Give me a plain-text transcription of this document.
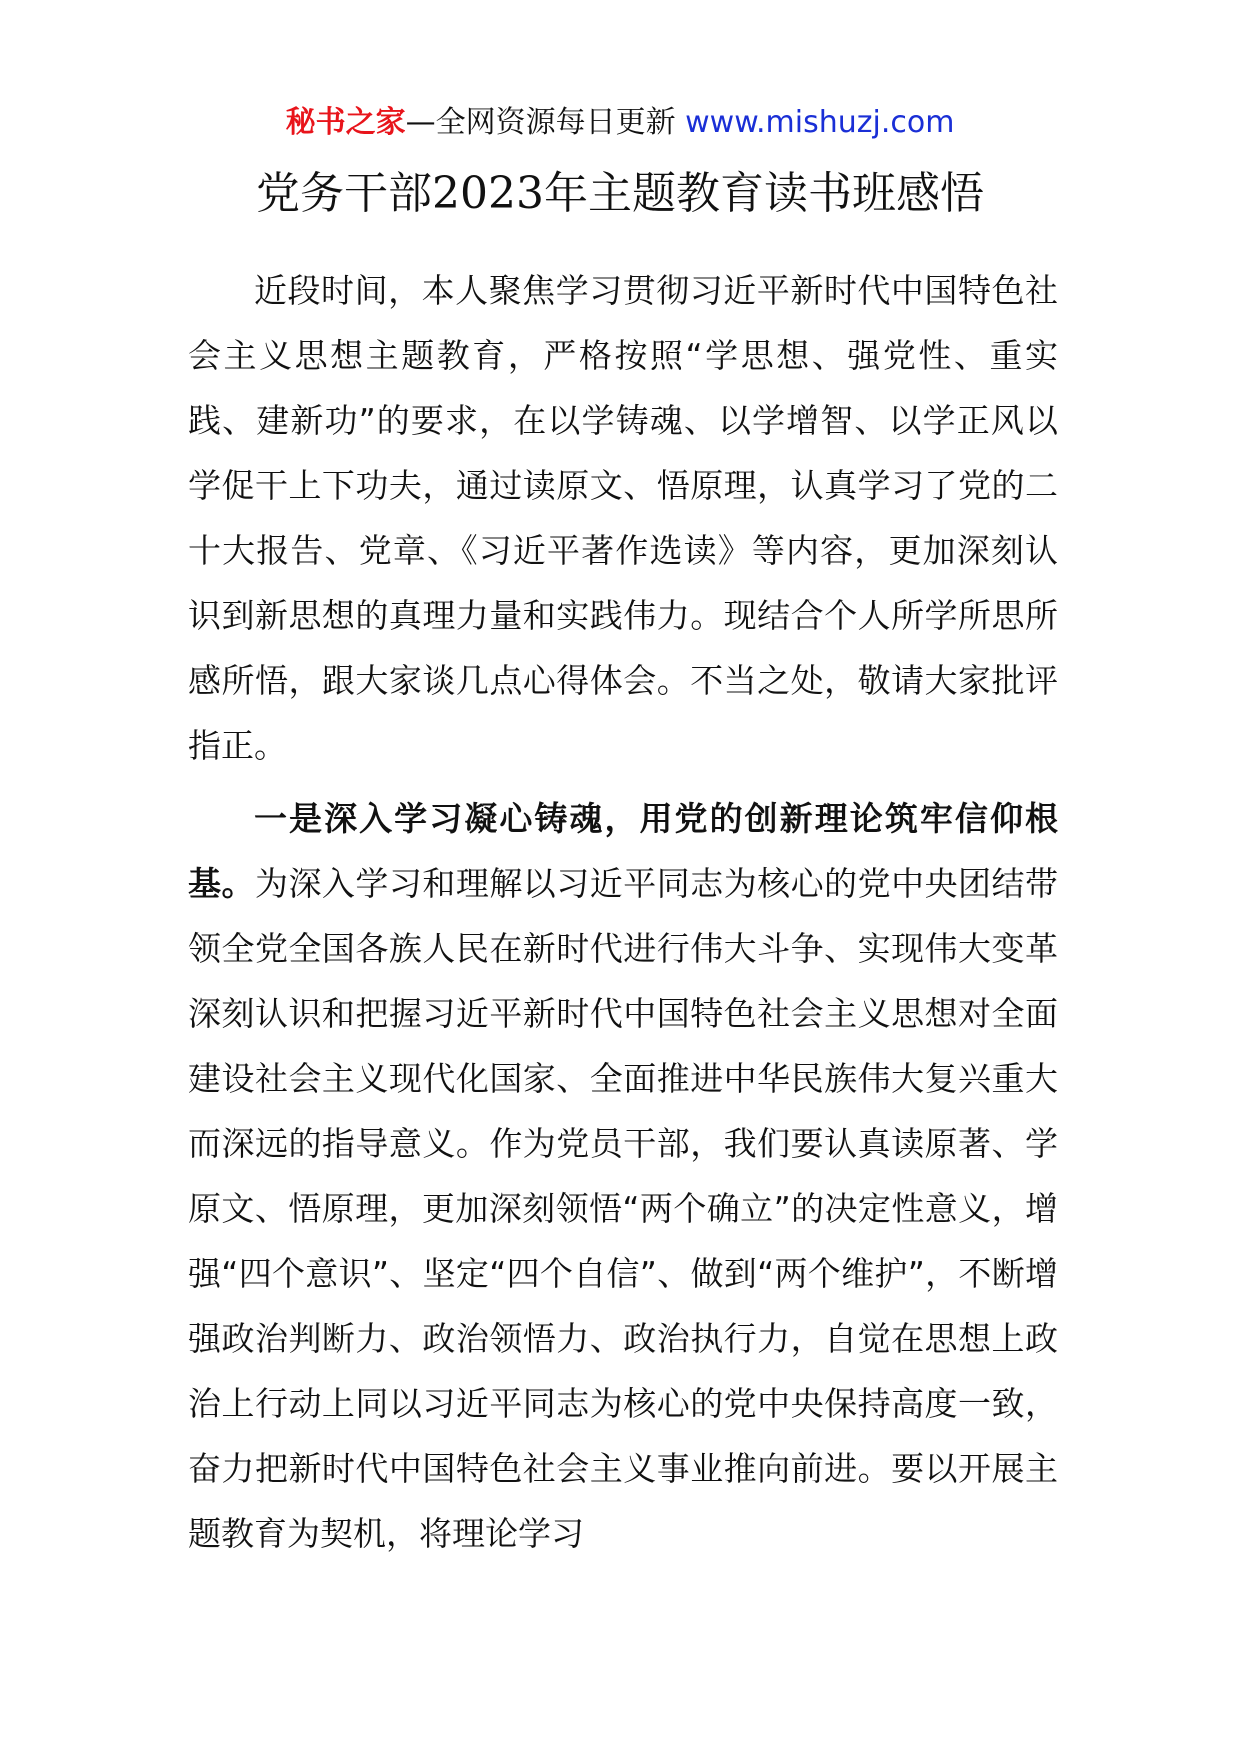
秘书之家—全网资源每日更新 www.mishuzj.com
党务干部2023年主题教育读书班感悟

近段时间，本人聚焦学习贯彻习近平新时代中国特色社会主义思想主题教育，严格按照“学思想、强党性、重实践、建新功”的要求，在以学铸魂、以学增智、以学正风以学促干上下功夫，通过读原文、悟原理，认真学习了党的二十大报告、党章、《习近平著作选读》等内容，更加深刻认识到新思想的真理力量和实践伟力。现结合个人所学所思所感所悟，跟大家谈几点心得体会。不当之处，敬请大家批评指正。

一是深入学习凝心铸魂，用党的创新理论筑牢信仰根基。为深入学习和理解以习近平同志为核心的党中央团结带领全党全国各族人民在新时代进行伟大斗争、实现伟大变革深刻认识和把握习近平新时代中国特色社会主义思想对全面建设社会主义现代化国家、全面推进中华民族伟大复兴重大而深远的指导意义。作为党员干部，我们要认真读原著、学原文、悟原理，更加深刻领悟“两个确立”的决定性意义，增强“四个意识”、坚定“四个自信”、做到“两个维护”，不断增强政治判断力、政治领悟力、政治执行力，自觉在思想上政治上行动上同以习近平同志为核心的党中央保持高度一致，奋力把新时代中国特色社会主义事业推向前进。要以开展主题教育为契机，将理论学习
